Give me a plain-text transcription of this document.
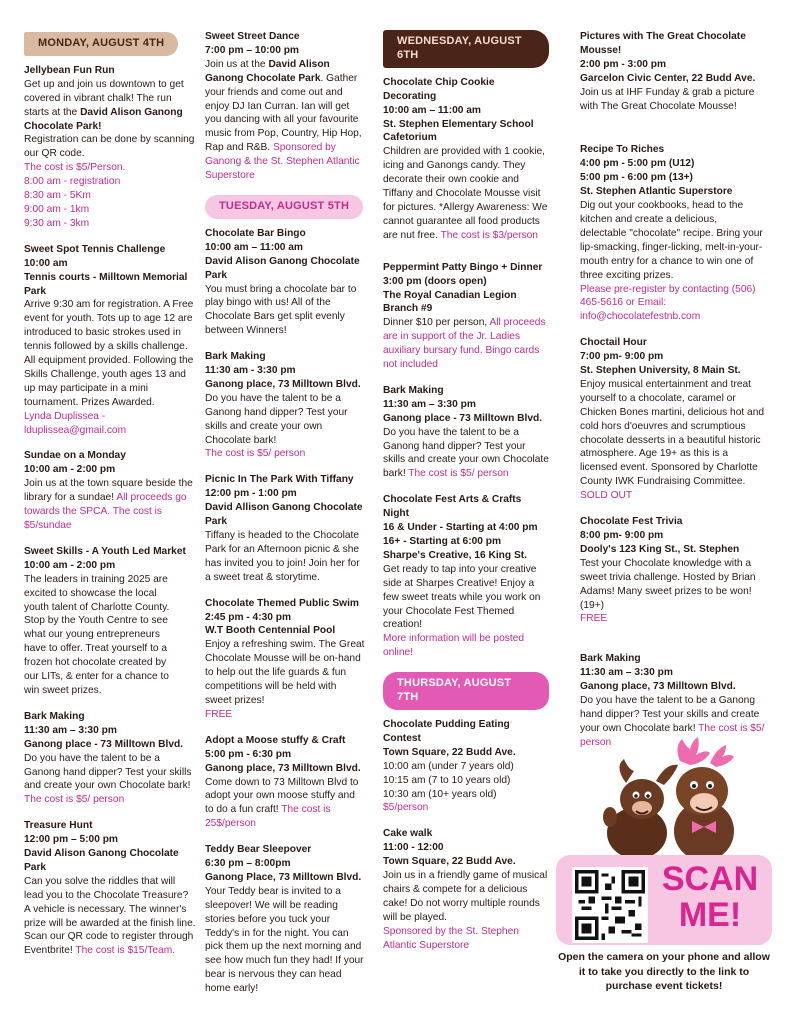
MONDAY, AUGUST 4TH
Jellybean Fun Run
Get up and join us downtown to get covered in vibrant chalk! The run starts at the David Alison Ganong Chocolate Park!
Registration can be done by scanning our QR code.
The cost is $5/Person.
8:00 am - registration
8:30 am - 5Km
9:00 am - 1km
9:30 am - 3km
Sweet Spot Tennis Challenge
10:00 am
Tennis courts - Milltown Memorial Park
Arrive 9:30 am for registration. A Free event for youth. Tots up to age 12 are introduced to basic strokes used in tennis followed by a skills challenge. All equipment provided. Following the Skills Challenge, youth ages 13 and up may participate in a mini tournament. Prizes Awarded.
Lynda Duplissea - lduplissea@gmail.com
Sundae on a Monday
10:00 am - 2:00 pm
Join us at the town square beside the library for a sundae! All proceeds go towards the SPCA. The cost is $5/sundae
Sweet Skills - A Youth Led Market
10:00 am - 2:00 pm
The leaders in training 2025 are excited to showcase the local youth talent of Charlotte County. Stop by the Youth Centre to see what our young entrepreneurs have to offer. Treat yourself to a frozen hot chocolate created by our LITs, & enter for a chance to win sweet prizes.
Bark Making
11:30 am – 3:30 pm
Ganong place - 73 Milltown Blvd.
Do you have the talent to be a Ganong hand dipper? Test your skills and create your own Chocolate bark! The cost is $5/ person
Treasure Hunt
12:00 pm – 5:00 pm
David Alison Ganong Chocolate Park
Can you solve the riddles that will lead you to the Chocolate Treasure? A vehicle is necessary. The winner's prize will be awarded at the finish line. Scan our QR code to register through Eventbrite! The cost is $15/Team.
Sweet Street Dance
7:00 pm – 10:00 pm
Join us at the David Alison Ganong Chocolate Park. Gather your friends and come out and enjoy DJ Ian Curran. Ian will get you dancing with all your favourite music from Pop, Country, Hip Hop, Rap and R&B. Sponsored by Ganong & the St. Stephen Atlantic Superstore
TUESDAY, AUGUST 5TH
Chocolate Bar Bingo
10:00 am – 11:00 am
David Alison Ganong Chocolate Park
You must bring a chocolate bar to play bingo with us! All of the Chocolate Bars get split evenly between Winners!
Bark Making
11:30 am - 3:30 pm
Ganong place, 73 Milltown Blvd.
Do you have the talent to be a Ganong hand dipper? Test your skills and create your own Chocolate bark!
The cost is $5/ person
Picnic In The Park With Tiffany
12:00 pm - 1:00 pm
David Allison Ganong Chocolate Park
Tiffany is headed to the Chocolate Park for an Afternoon picnic & she has invited you to join! Join her for a sweet treat & storytime.
Chocolate Themed Public Swim
2:45 pm - 4:30 pm
W.T Booth Centennial Pool
Enjoy a refreshing swim. The Great Chocolate Mousse will be on-hand to help out the life guards & fun competitions will be held with sweet prizes!
FREE
Adopt a Moose stuffy & Craft
5:00 pm - 6:30 pm
Ganong place, 73 Milltown Blvd.
Come down to 73 Milltown Blvd to adopt your own moose stuffy and to do a fun craft! The cost is 25$/person
Teddy Bear Sleepover
6:30 pm – 8:00pm
Ganong Place, 73 Milltown Blvd.
Your Teddy bear is invited to a sleepover! We will be reading stories before you tuck your Teddy's in for the night. You can pick them up the next morning and see how much fun they had! If your bear is nervous they can head home early!
WEDNESDAY, AUGUST 6TH
Chocolate Chip Cookie Decorating
10:00 am – 11:00 am
St. Stephen Elementary School Cafetorium
Children are provided with 1 cookie, icing and Ganongs candy. They decorate their own cookie and Tiffany and Chocolate Mousse visit for pictures. *Allergy Awareness: We cannot guarantee all food products are nut free. The cost is $3/person
Peppermint Patty Bingo + Dinner
3:00 pm (doors open)
The Royal Canadian Legion Branch #9
Dinner $10 per person, All proceeds are in support of the Jr. Ladies auxiliary bursary fund. Bingo cards not included
Bark Making
11:30 am – 3:30 pm
Ganong place - 73 Milltown Blvd.
Do you have the talent to be a Ganong hand dipper? Test your skills and create your own Chocolate bark! The cost is $5/ person
Chocolate Fest Arts & Crafts Night
16 & Under - Starting at 4:00 pm
16+ - Starting at 6:00 pm
Sharpe's Creative, 16 King St.
Get ready to tap into your creative side at Sharpes Creative! Enjoy a few sweet treats while you work on your Chocolate Fest Themed creation!
More information will be posted online!
THURSDAY, AUGUST 7TH
Chocolate Pudding Eating Contest
Town Square, 22 Budd Ave.
10:00 am (under 7 years old)
10:15 am (7 to 10 years old)
10:30 am (10+ years old)
$5/person
Cake walk
11:00 - 12:00
Town Square, 22 Budd Ave.
Join us in a friendly game of musical chairs & compete for a delicious cake! Do not worry multiple rounds will be played.
Sponsored by the St. Stephen Atlantic Superstore
Pictures with The Great Chocolate Mousse!
2:00 pm - 3:00 pm
Garcelon Civic Center, 22 Budd Ave.
Join us at IHF Funday & grab a picture with The Great Chocolate Mousse!
Recipe To Riches
4:00 pm - 5:00 pm (U12)
5:00 pm - 6:00 pm (13+)
St. Stephen Atlantic Superstore
Dig out your cookbooks, head to the kitchen and create a delicious, delectable "chocolate" recipe. Bring your lip-smacking, finger-licking, melt-in-your-mouth entry for a chance to win one of three exciting prizes.
Please pre-register by contacting (506) 465-5616 or Email: info@chocolatefestnb.com
Choctail Hour
7:00 pm- 9:00 pm
St. Stephen University, 8 Main St.
Enjoy musical entertainment and treat yourself to a chocolate, caramel or Chicken Bones martini, delicious hot and cold hors d'oeuvres and scrumptious chocolate desserts in a beautiful historic atmosphere. Age 19+ as this is a licensed event. Sponsored by Charlotte County IWK Fundraising Committee. SOLD OUT
Chocolate Fest Trivia
8:00 pm- 9:00 pm
Dooly's 123 King St., St. Stephen
Test your Chocolate knowledge with a sweet trivia challenge. Hosted by Brian Adams! Many sweet prizes to be won! (19+)
FREE
Bark Making
11:30 am – 3:30 pm
Ganong place, 73 Milltown Blvd.
Do you have the talent to be a Ganong hand dipper? Test your skills and create your own Chocolate bark! The cost is $5/ person
SCAN
ME!
Open the camera on your phone and allow it to take you directly to the link to purchase event tickets!
